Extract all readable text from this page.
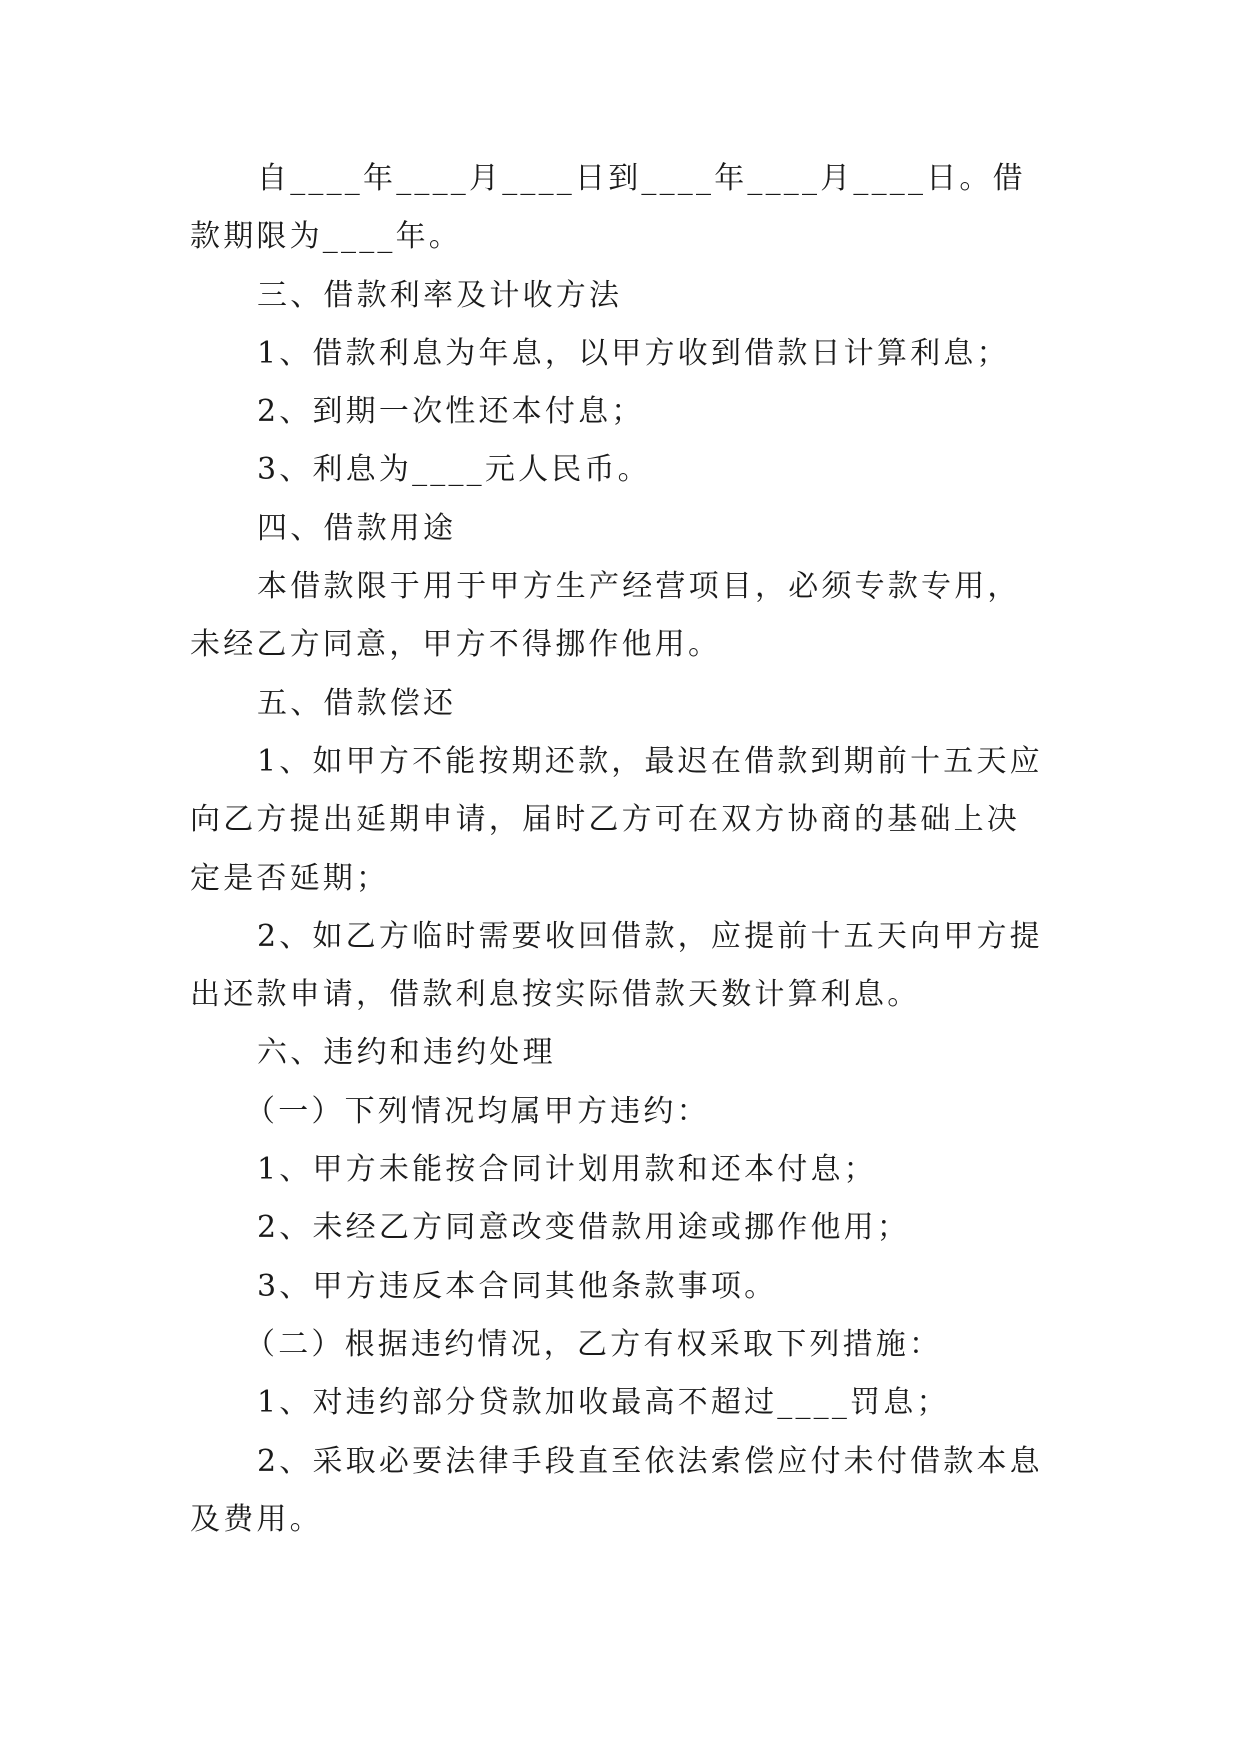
自____年____月____日到____年____月____日。借款期限为____年。

三、借款利率及计收方法

1、借款利息为年息，以甲方收到借款日计算利息；

2、到期一次性还本付息；

3、利息为____元人民币。

四、借款用途

本借款限于用于甲方生产经营项目，必须专款专用，未经乙方同意，甲方不得挪作他用。

五、借款偿还

1、如甲方不能按期还款，最迟在借款到期前十五天应向乙方提出延期申请，届时乙方可在双方协商的基础上决定是否延期；

2、如乙方临时需要收回借款，应提前十五天向甲方提出还款申请，借款利息按实际借款天数计算利息。

六、违约和违约处理

（一）下列情况均属甲方违约：

1、甲方未能按合同计划用款和还本付息；

2、未经乙方同意改变借款用途或挪作他用；

3、甲方违反本合同其他条款事项。

（二）根据违约情况，乙方有权采取下列措施：

1、对违约部分贷款加收最高不超过____罚息；

2、采取必要法律手段直至依法索偿应付未付借款本息及费用。
